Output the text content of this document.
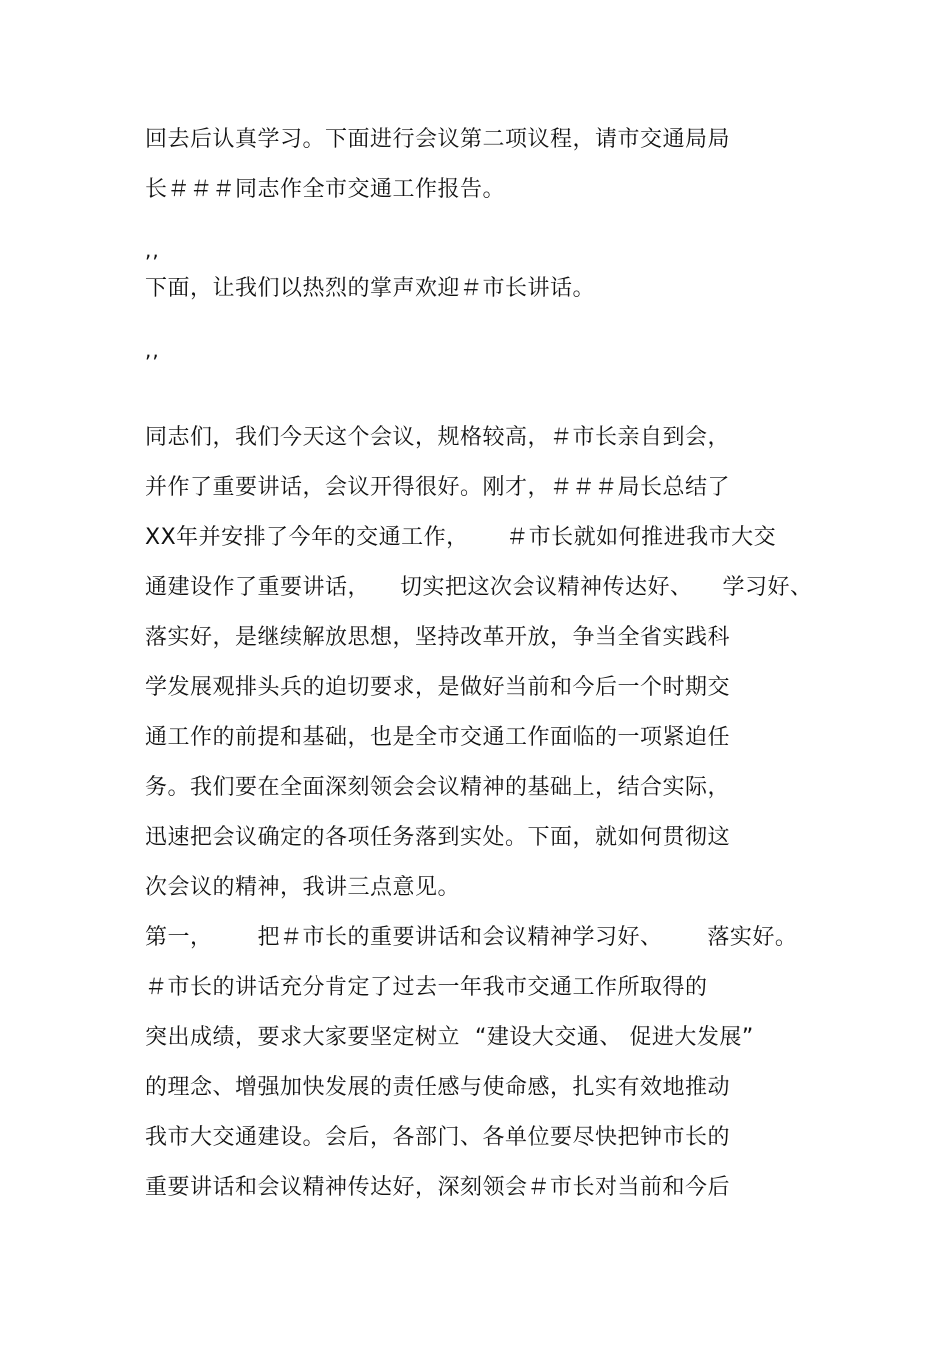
回去后认真学习。下面进行会议第二项议程，请市交通局局
长＃＃＃同志作全市交通工作报告。
,,
下面，让我们以热烈的掌声欢迎＃市长讲话。
,,
同志们，我们今天这个会议，规格较高，＃市长亲自到会，
并作了重要讲话，会议开得很好。刚才，＃＃＃局长总结了
XX年并安排了今年的交通工作，     ＃市长就如何推进我市大交
通建设作了重要讲话，    切实把这次会议精神传达好、    学习好、
落实好，是继续解放思想，坚持改革开放，争当全省实践科
学发展观排头兵的迫切要求，是做好当前和今后一个时期交
通工作的前提和基础，也是全市交通工作面临的一项紧迫任
务。我们要在全面深刻领会会议精神的基础上，结合实际，
迅速把会议确定的各项任务落到实处。下面，就如何贯彻这
次会议的精神，我讲三点意见。
第一，      把＃市长的重要讲话和会议精神学习好、      落实好。
＃市长的讲话充分肯定了过去一年我市交通工作所取得的
突出成绩，要求大家要坚定树立  “建设大交通、 促进大发展”
的理念、增强加快发展的责任感与使命感，扎实有效地推动
我市大交通建设。会后，各部门、各单位要尽快把钟市长的
重要讲话和会议精神传达好，深刻领会＃市长对当前和今后
